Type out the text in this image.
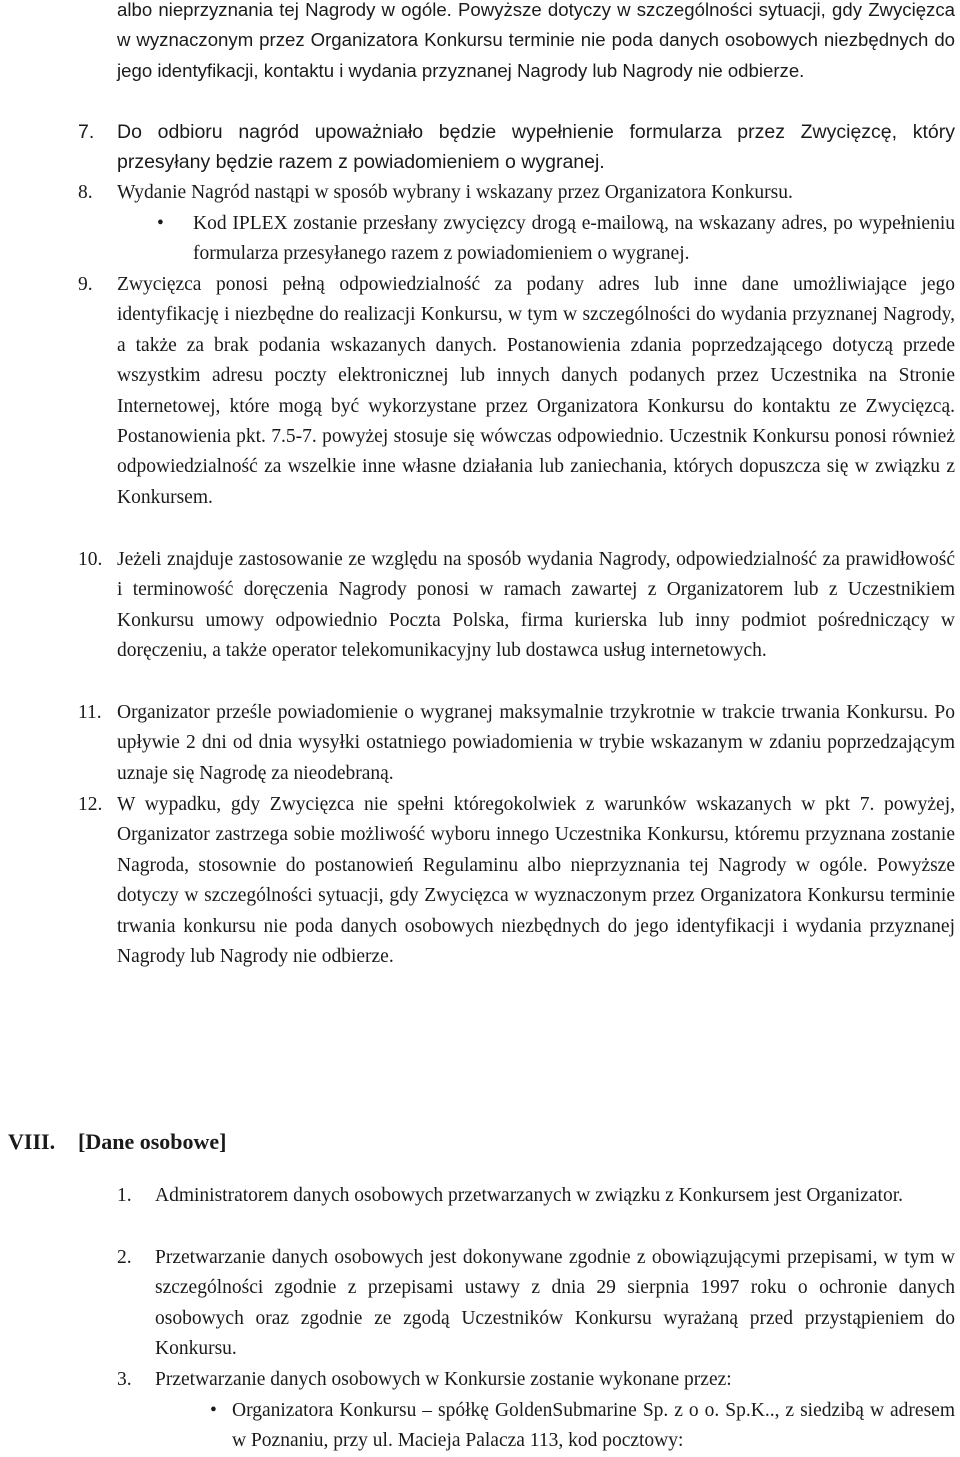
albo nieprzyznania tej Nagrody w ogóle. Powyższe dotyczy w szczególności sytuacji, gdy Zwycięzca w wyznaczonym przez Organizatora Konkursu terminie nie poda danych osobowych niezbędnych do jego identyfikacji, kontaktu i wydania przyznanej Nagrody lub Nagrody nie odbierze.

7. Do odbioru nagród upoważniało będzie wypełnienie formularza przez Zwycięzcę, który przesyłany będzie razem z powiadomieniem o wygranej.

8. Wydanie Nagród nastąpi w sposób wybrany i wskazany przez Organizatora Konkursu.

• Kod IPLEX zostanie przesłany zwycięzcy drogą e-mailową, na wskazany adres, po wypełnieniu formularza przesyłanego razem z powiadomieniem o wygranej.

9. Zwycięzca ponosi pełną odpowiedzialność za podany adres lub inne dane umożliwiające jego identyfikację i niezbędne do realizacji Konkursu, w tym w szczególności do wydania przyznanej Nagrody, a także za brak podania wskazanych danych. Postanowienia zdania poprzedzającego dotyczą przede wszystkim adresu poczty elektronicznej lub innych danych podanych przez Uczestnika na Stronie Internetowej, które mogą być wykorzystane przez Organizatora Konkursu do kontaktu ze Zwycięzcą. Postanowienia pkt. 7.5-7. powyżej stosuje się wówczas odpowiednio. Uczestnik Konkursu ponosi również odpowiedzialność za wszelkie inne własne działania lub zaniechania, których dopuszcza się w związku z Konkursem.

10. Jeżeli znajduje zastosowanie ze względu na sposób wydania Nagrody, odpowiedzialność za prawidłowość i terminowość doręczenia Nagrody ponosi w ramach zawartej z Organizatorem lub z Uczestnikiem Konkursu umowy odpowiednio Poczta Polska, firma kurierska lub inny podmiot pośredniczący w doręczeniu, a także operator telekomunikacyjny lub dostawca usług internetowych.

11. Organizator prześle powiadomienie o wygranej maksymalnie trzykrotnie w trakcie trwania Konkursu. Po upływie 2 dni od dnia wysyłki ostatniego powiadomienia w trybie wskazanym w zdaniu poprzedzającym uznaje się Nagrodę za nieodebraną.

12. W wypadku, gdy Zwycięzca nie spełni któregokolwiek z warunków wskazanych w pkt 7. powyżej, Organizator zastrzega sobie możliwość wyboru innego Uczestnika Konkursu, któremu przyznana zostanie Nagroda, stosownie do postanowień Regulaminu albo nieprzyznania tej Nagrody w ogóle. Powyższe dotyczy w szczególności sytuacji, gdy Zwycięzca w wyznaczonym przez Organizatora Konkursu terminie trwania konkursu nie poda danych osobowych niezbędnych do jego identyfikacji i wydania przyznanej Nagrody lub Nagrody nie odbierze.

VIII. [Dane osobowe]
1. Administratorem danych osobowych przetwarzanych w związku z Konkursem jest Organizator.

2. Przetwarzanie danych osobowych jest dokonywane zgodnie z obowiązującymi przepisami, w tym w szczególności zgodnie z przepisami ustawy z dnia 29 sierpnia 1997 roku o ochronie danych osobowych oraz zgodnie ze zgodą Uczestników Konkursu wyrażaną przed przystąpieniem do Konkursu.

3. Przetwarzanie danych osobowych w Konkursie zostanie wykonane przez:

• Organizatora Konkursu – spółkę GoldenSubmarine Sp. z o o. Sp.K.., z siedzibą w adresem w Poznaniu, przy ul. Macieja Palacza 113, kod pocztowy:
